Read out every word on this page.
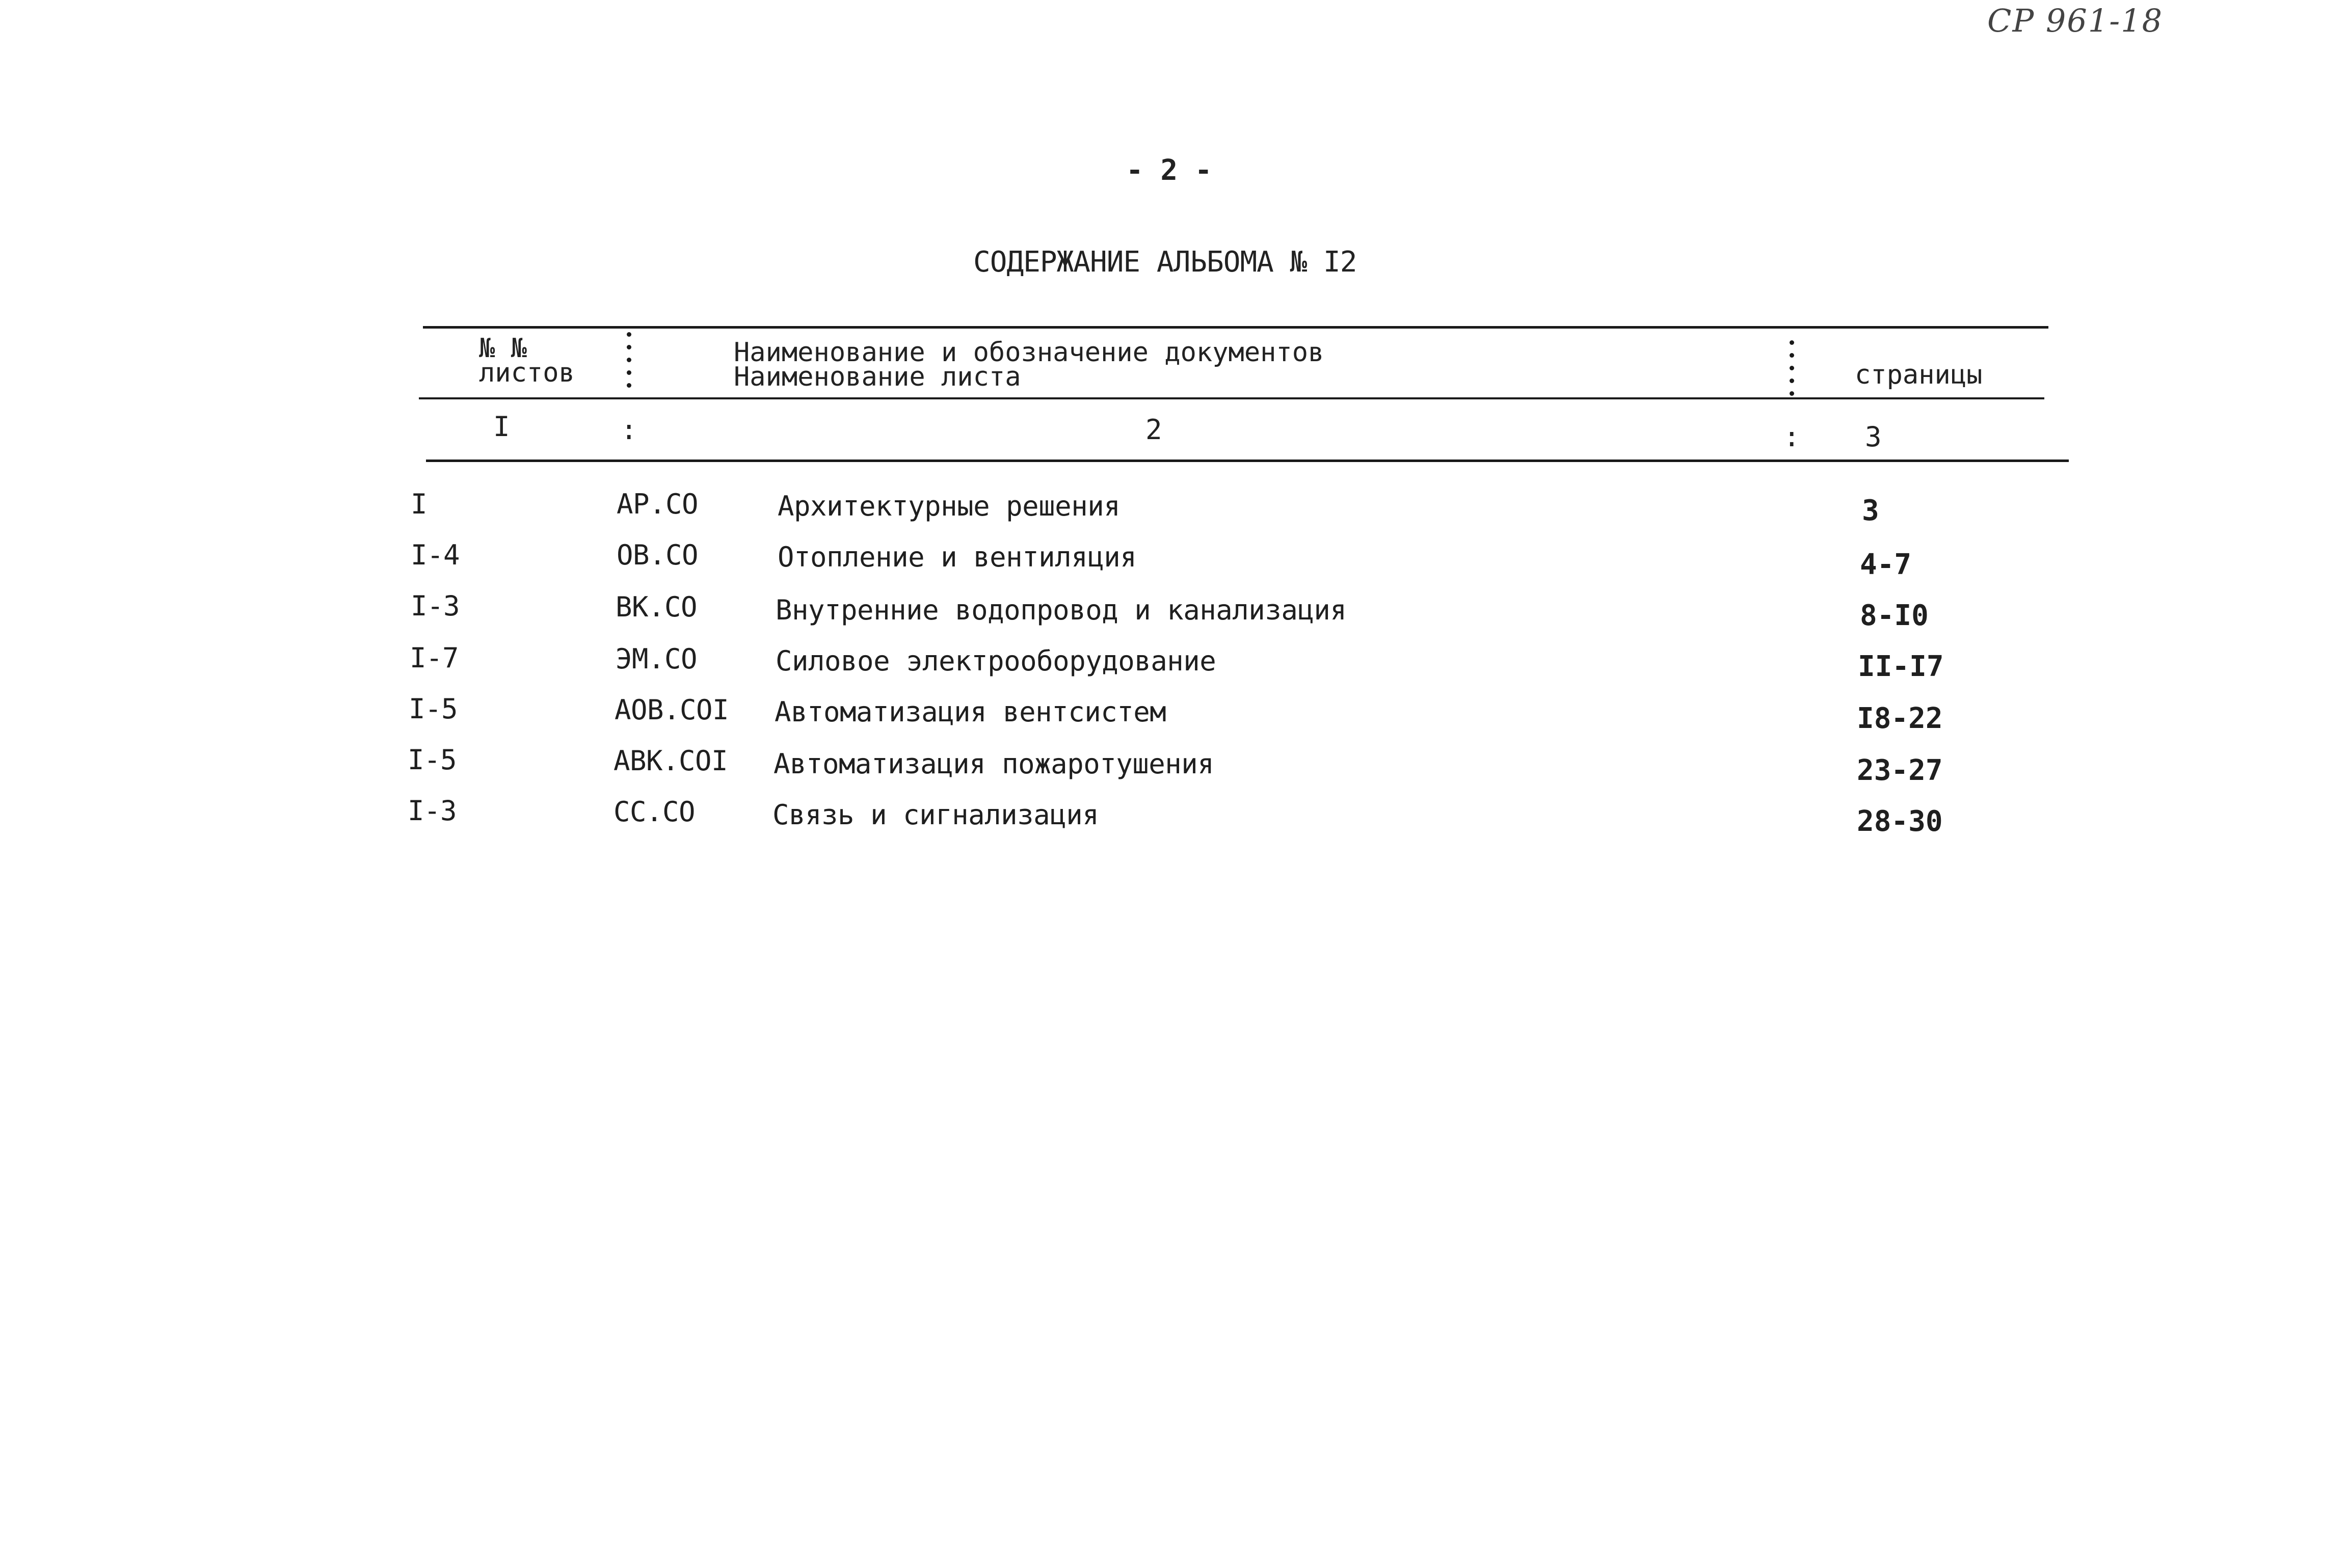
СР 961-18
- 2 -
СОДЕРЖАНИЕ АЛЬБОМА № I2
№ №
листов
Наименование и обозначение документов
Наименование листа	страницы
I	:	2	: 3
I	АР.СО	Архитектурные решения	3
I-4	ОВ.СО	Отопление и вентиляция	4-7
I-3	ВК.СО	Внутренние водопровод и канализация	8-I0
I-7	ЭМ.СО	Силовое электрооборудование	II-I7
I-5	АОВ.СОI Автоматизация вентсистем	I8-22
I-5	АВК.СОI Автоматизация пожаротушения	23-27
I-3	СС.СО	Связь и сигнализация	28-30
